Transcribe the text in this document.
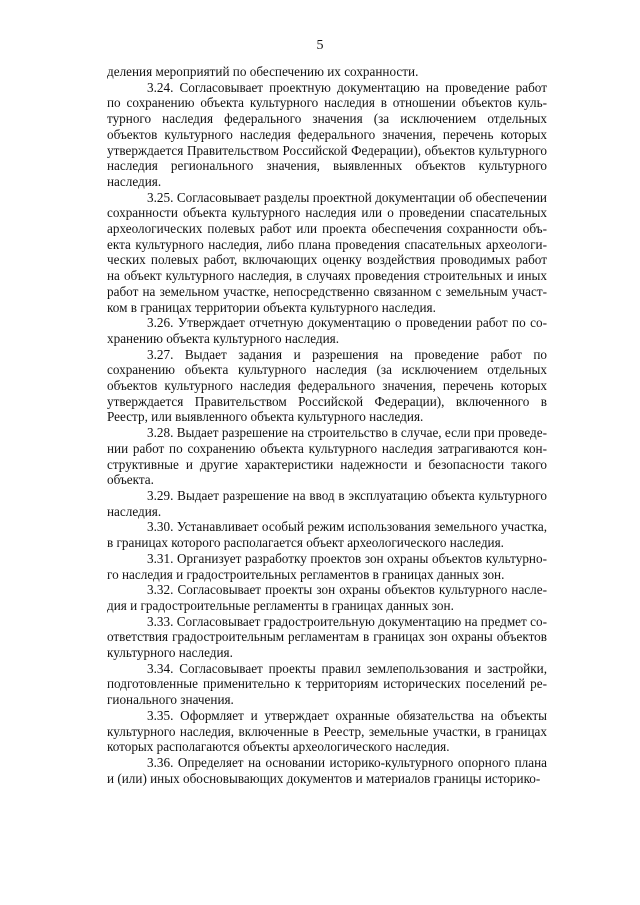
5

деления мероприятий по обеспечению их сохранности.

3.24. Согласовывает проектную документацию на проведение работ по сохранению объекта культурного наследия в отношении объектов культурного наследия федерального значения (за исключением отдельных объектов культурного наследия федерального значения, перечень которых утверждается Правительством Российской Федерации), объектов культурного наследия регионального значения, выявленных объектов культурного наследия.

3.25. Согласовывает разделы проектной документации об обеспечении сохранности объекта культурного наследия или о проведении спасательных археологических полевых работ или проекта обеспечения сохранности объекта культурного наследия, либо плана проведения спасательных археологических полевых работ, включающих оценку воздействия проводимых работ на объект культурного наследия, в случаях проведения строительных и иных работ на земельном участке, непосредственно связанном с земельным участком в границах территории объекта культурного наследия.

3.26. Утверждает отчетную документацию о проведении работ по сохранению объекта культурного наследия.

3.27. Выдает задания и разрешения на проведение работ по сохранению объекта культурного наследия (за исключением отдельных объектов культурного наследия федерального значения, перечень которых утверждается Правительством Российской Федерации), включенного в Реестр, или выявленного объекта культурного наследия.

3.28. Выдает разрешение на строительство в случае, если при проведении работ по сохранению объекта культурного наследия затрагиваются конструктивные и другие характеристики надежности и безопасности такого объекта.

3.29. Выдает разрешение на ввод в эксплуатацию объекта культурного наследия.

3.30. Устанавливает особый режим использования земельного участка, в границах которого располагается объект археологического наследия.

3.31. Организует разработку проектов зон охраны объектов культурного наследия и градостроительных регламентов в границах данных зон.

3.32. Согласовывает проекты зон охраны объектов культурного наследия и градостроительные регламенты в границах данных зон.

3.33. Согласовывает градостроительную документацию на предмет соответствия градостроительным регламентам в границах зон охраны объектов культурного наследия.

3.34. Согласовывает проекты правил землепользования и застройки, подготовленные применительно к территориям исторических поселений регионального значения.

3.35. Оформляет и утверждает охранные обязательства на объекты культурного наследия, включенные в Реестр, земельные участки, в границах которых располагаются объекты археологического наследия.

3.36. Определяет на основании историко-культурного опорного плана и (или) иных обосновывающих документов и материалов границы историко-
